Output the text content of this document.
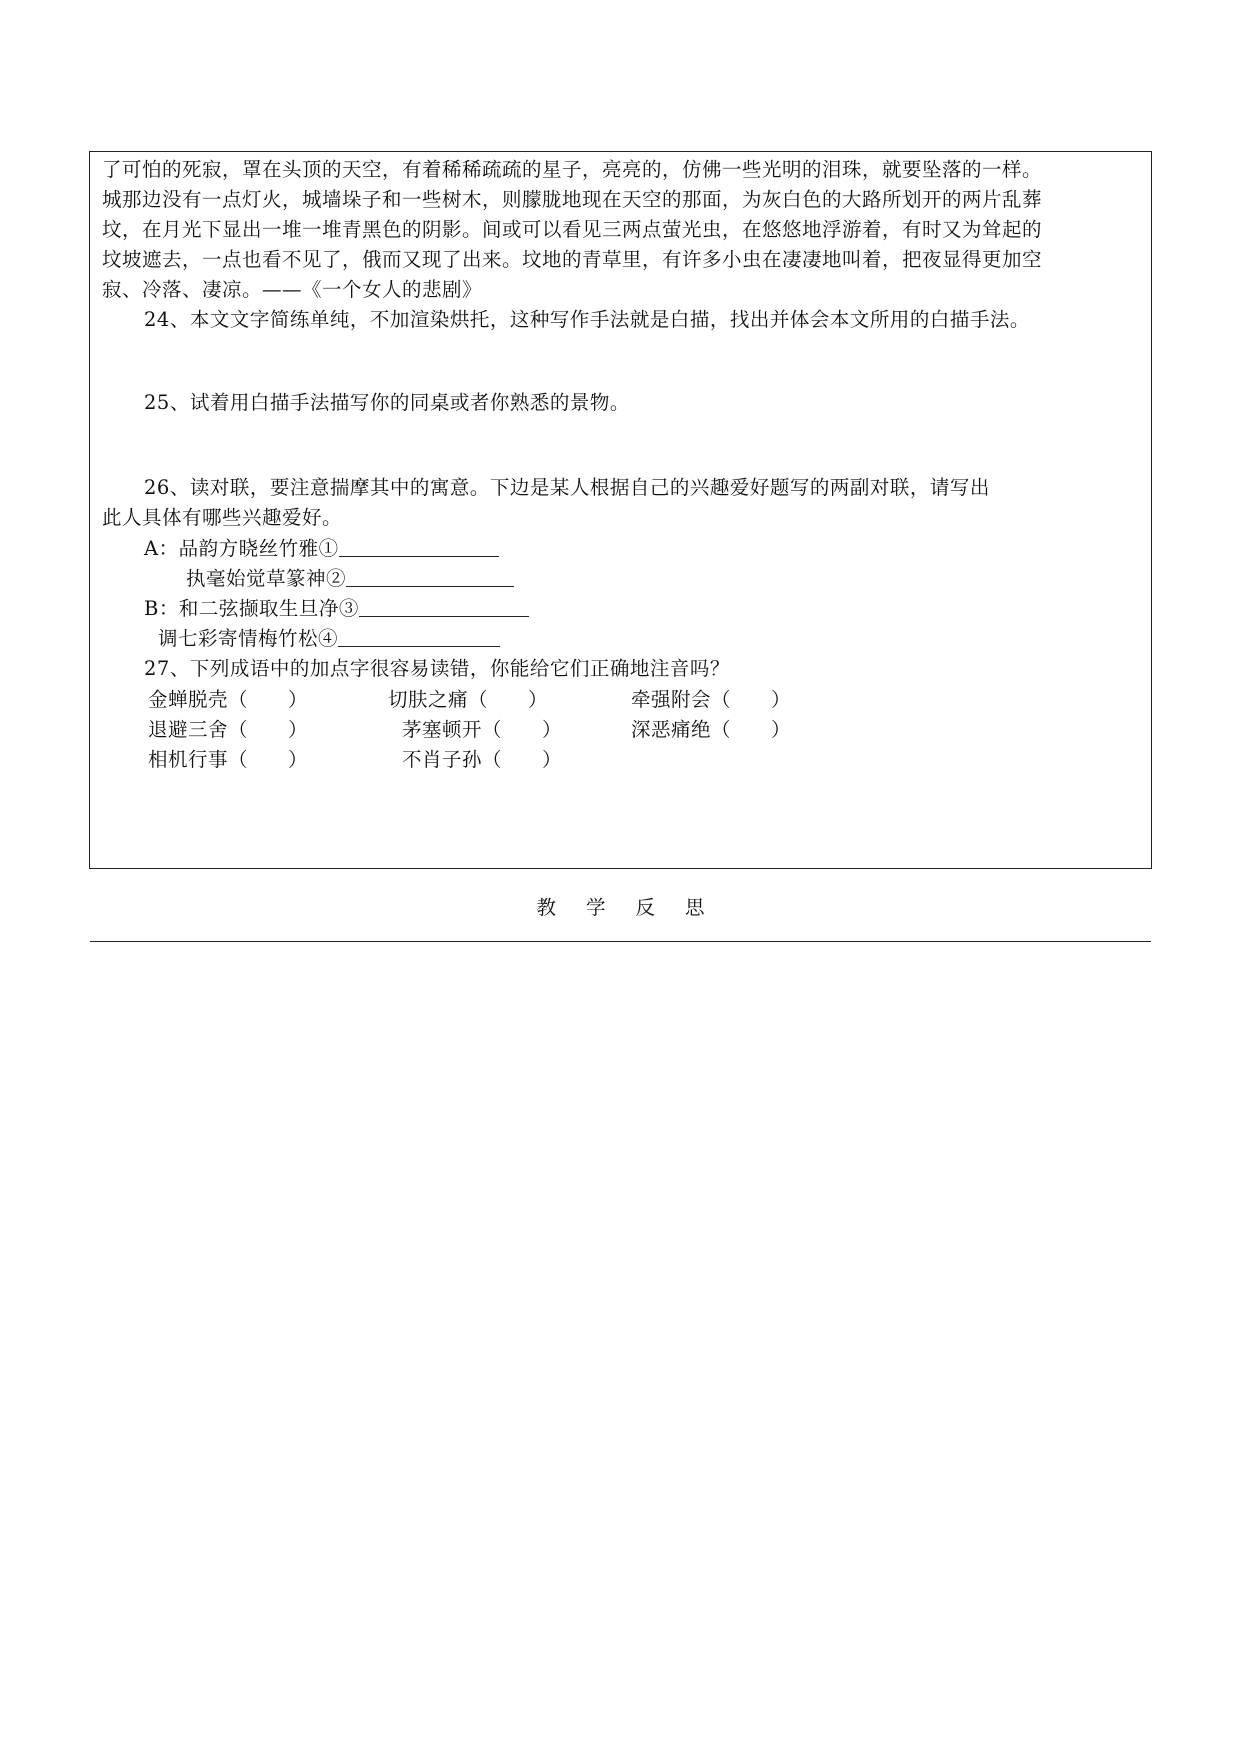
了可怕的死寂，罩在头顶的天空，有着稀稀疏疏的星子，亮亮的，仿佛一些光明的泪珠，就要坠落的一样。
城那边没有一点灯火，城墙垛子和一些树木，则朦胧地现在天空的那面，为灰白色的大路所划开的两片乱葬
坟，在月光下显出一堆一堆青黑色的阴影。间或可以看见三两点萤光虫，在悠悠地浮游着，有时又为耸起的
坟坡遮去，一点也看不见了，俄而又现了出来。坟地的青草里，有许多小虫在凄凄地叫着，把夜显得更加空
寂、冷落、凄凉。——《一个女人的悲剧》
24、本文文字简练单纯，不加渲染烘托，这种写作手法就是白描，找出并体会本文所用的白描手法。
25、试着用白描手法描写你的同桌或者你熟悉的景物。
26、读对联，要注意揣摩其中的寓意。下边是某人根据自己的兴趣爱好题写的两副对联，请写出
此人具体有哪些兴趣爱好。
A：品韵方晓丝竹雅①
执毫始觉草篆神②
B：和二弦撷取生旦净③
调七彩寄情梅竹松④
27、下列成语中的加点字很容易读错，你能给它们正确地注音吗？
金蝉脱壳（　　）	切肤之痛（　　）	牵强附会（　　）
退避三舍（　　）	茅塞顿开（　　）	深恶痛绝（　　）
相机行事（　　）	不肖子孙（　　）
教学反思
